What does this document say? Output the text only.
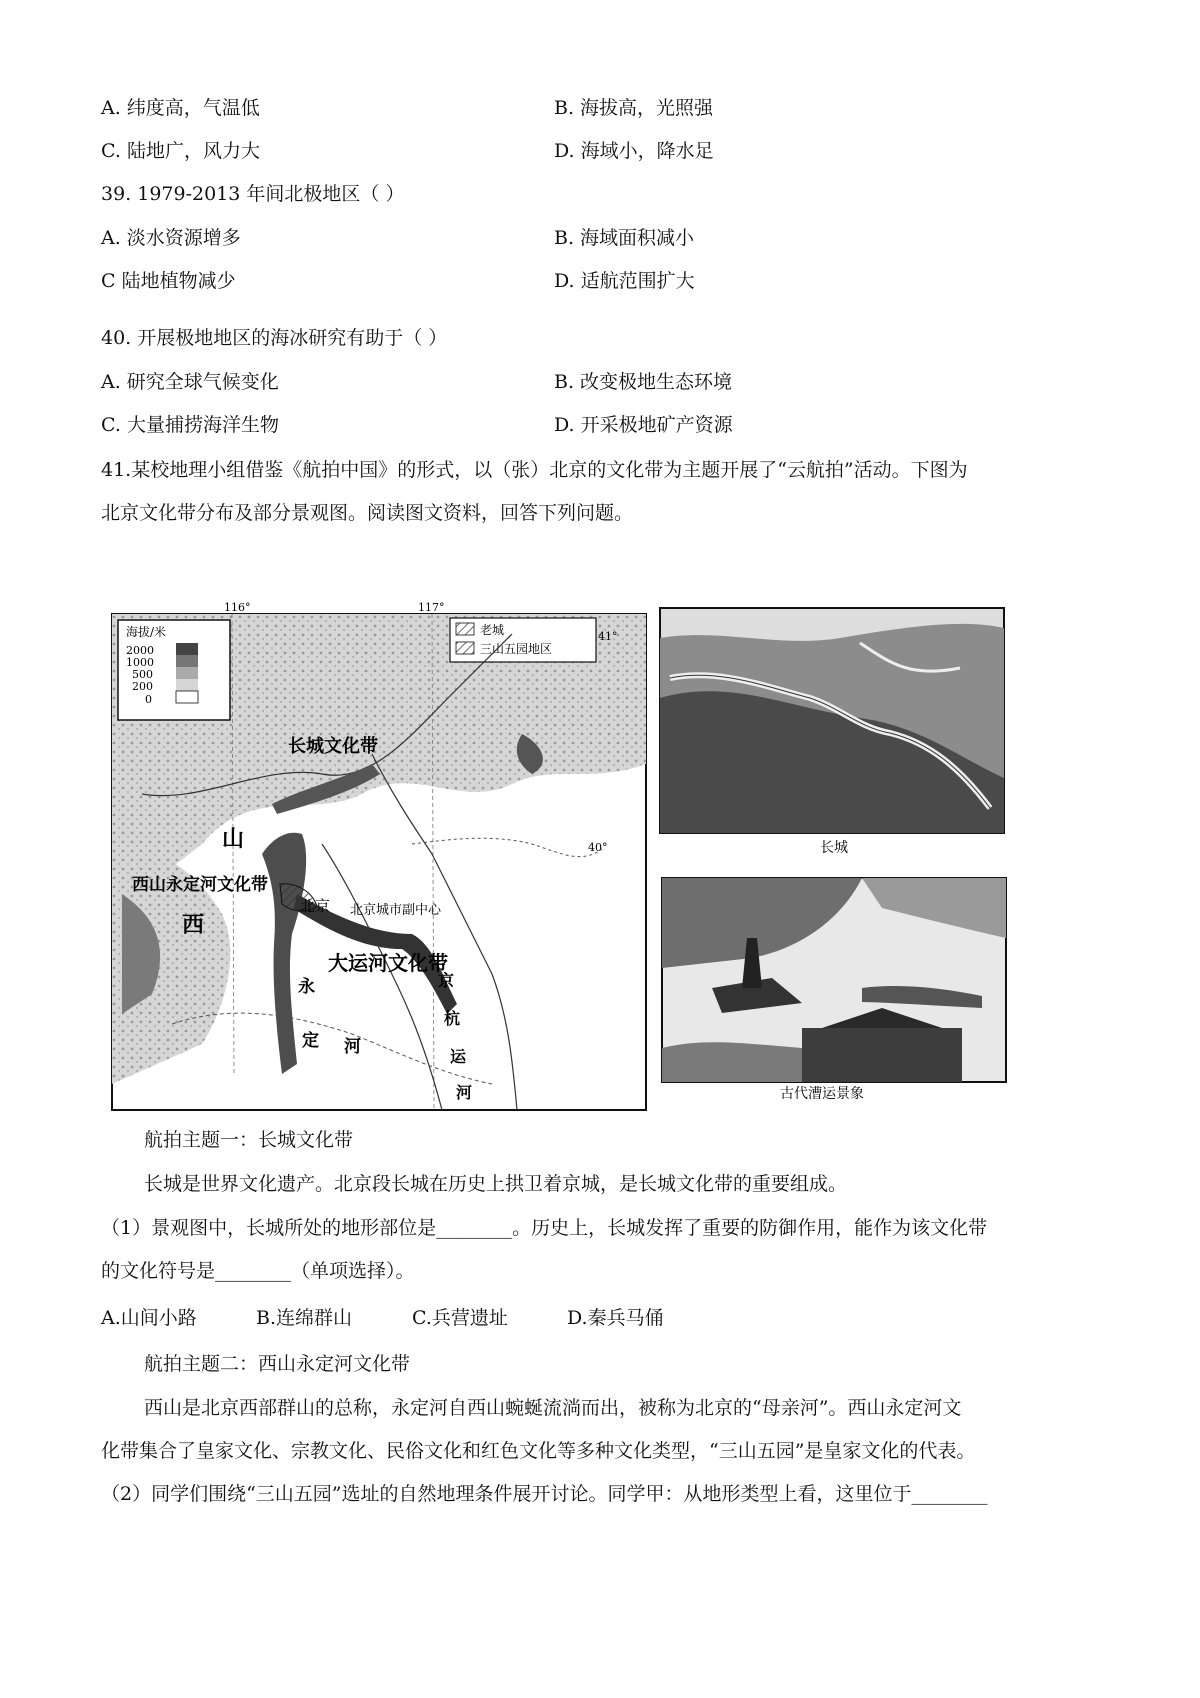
A. 纬度高，气温低	B. 海拔高，光照强
C. 陆地广，风力大	D. 海域小，降水足
39. 1979-2013 年间北极地区（ ）
A. 淡水资源增多	B. 海域面积减小
C 陆地植物减少	D. 适航范围扩大
40. 开展极地地区的海冰研究有助于（ ）
A. 研究全球气候变化	B. 改变极地生态环境
C. 大量捕捞海洋生物	D. 开采极地矿产资源
41.某校地理小组借鉴《航拍中国》的形式，以（张）北京的文化带为主题开展了“云航拍”活动。下图为
北京文化带分布及部分景观图。阅读图文资料，回答下列问题。
海拔/米
2000
1000
500
200
0
老城
三山五园地区
116°	117°
41°
40°
长城文化带
山
西山永定河文化带
西
北京 北京城市副中心
大运河文化带
永
定 河
京
杭
运
河
长城
古代漕运景象
航拍主题一：长城文化带
长城是世界文化遗产。北京段长城在历史上拱卫着京城，是长城文化带的重要组成。
（1）景观图中，长城所处的地形部位是________。历史上，长城发挥了重要的防御作用，能作为该文化带
的文化符号是________（单项选择）。
A.山间小路	B.连绵群山	C.兵营遗址	D.秦兵马俑
航拍主题二：西山永定河文化带
西山是北京西部群山的总称，永定河自西山蜿蜒流淌而出，被称为北京的“母亲河”。西山永定河文
化带集合了皇家文化、宗教文化、民俗文化和红色文化等多种文化类型，“三山五园”是皇家文化的代表。
（2）同学们围绕“三山五园”选址的自然地理条件展开讨论。同学甲：从地形类型上看，这里位于________
